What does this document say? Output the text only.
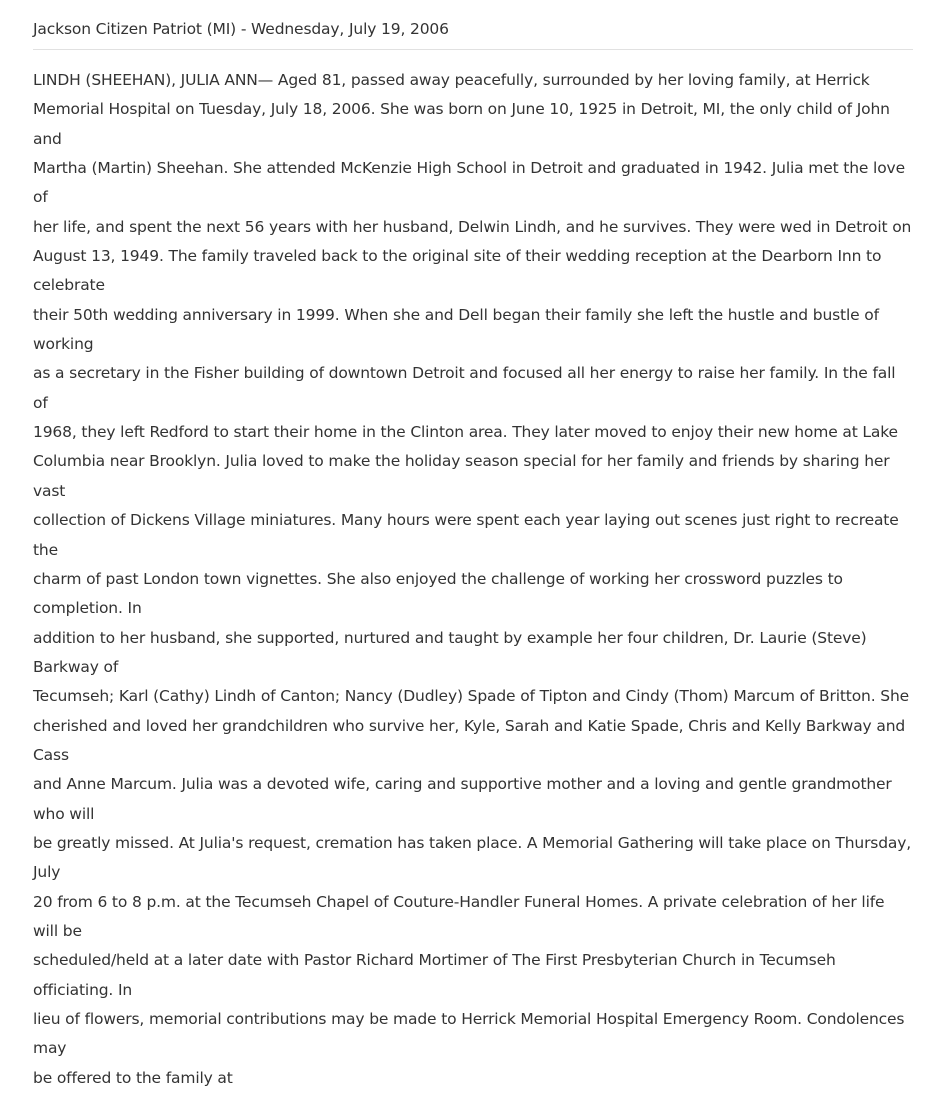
Jackson Citizen Patriot (MI) - Wednesday, July 19, 2006

LINDH (SHEEHAN), JULIA ANN— Aged 81, passed away peacefully, surrounded by her loving family, at Herrick
Memorial Hospital on Tuesday, July 18, 2006. She was born on June 10, 1925 in Detroit, MI, the only child of John and
Martha (Martin) Sheehan. She attended McKenzie High School in Detroit and graduated in 1942. Julia met the love of
her life, and spent the next 56 years with her husband, Delwin Lindh, and he survives. They were wed in Detroit on
August 13, 1949. The family traveled back to the original site of their wedding reception at the Dearborn Inn to celebrate
their 50th wedding anniversary in 1999. When she and Dell began their family she left the hustle and bustle of working
as a secretary in the Fisher building of downtown Detroit and focused all her energy to raise her family. In the fall of
1968, they left Redford to start their home in the Clinton area. They later moved to enjoy their new home at Lake
Columbia near Brooklyn. Julia loved to make the holiday season special for her family and friends by sharing her vast
collection of Dickens Village miniatures. Many hours were spent each year laying out scenes just right to recreate the
charm of past London town vignettes. She also enjoyed the challenge of working her crossword puzzles to completion. In
addition to her husband, she supported, nurtured and taught by example her four children, Dr. Laurie (Steve) Barkway of
Tecumseh; Karl (Cathy) Lindh of Canton; Nancy (Dudley) Spade of Tipton and Cindy (Thom) Marcum of Britton. She
cherished and loved her grandchildren who survive her, Kyle, Sarah and Katie Spade, Chris and Kelly Barkway and Cass
and Anne Marcum. Julia was a devoted wife, caring and supportive mother and a loving and gentle grandmother who will
be greatly missed. At Julia's request, cremation has taken place. A Memorial Gathering will take place on Thursday, July
20 from 6 to 8 p.m. at the Tecumseh Chapel of Couture-Handler Funeral Homes. A private celebration of her life will be
scheduled/held at a later date with Pastor Richard Mortimer of The First Presbyterian Church in Tecumseh officiating. In
lieu of flowers, memorial contributions may be made to Herrick Memorial Hospital Emergency Room. Condolences may
be offered to the family at
